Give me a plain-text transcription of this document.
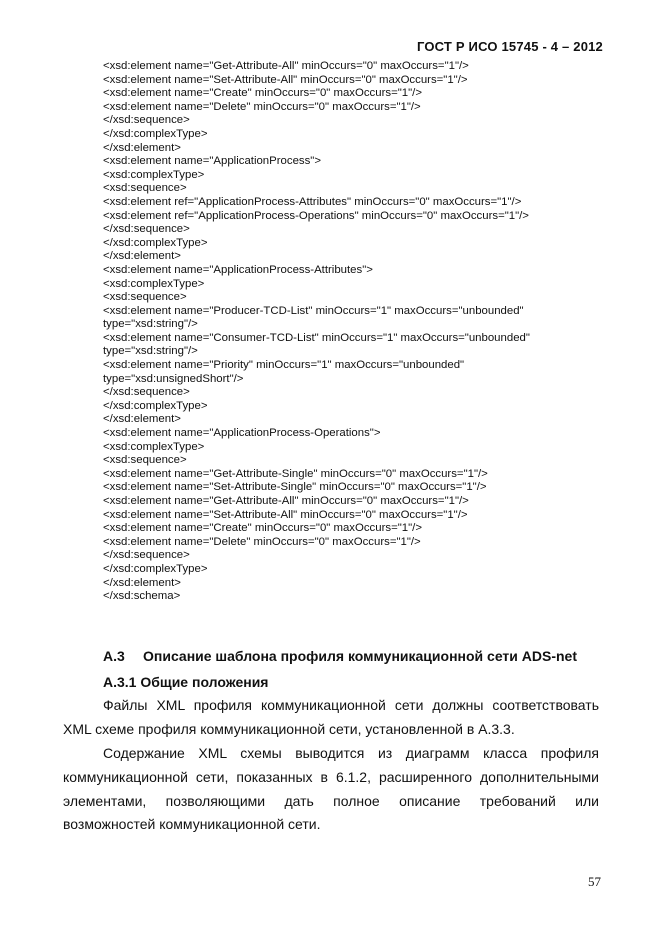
ГОСТ Р ИСО 15745 - 4 – 2012
<xsd:element name="Get-Attribute-All" minOccurs="0" maxOccurs="1"/>
<xsd:element name="Set-Attribute-All" minOccurs="0" maxOccurs="1"/>
<xsd:element name="Create" minOccurs="0" maxOccurs="1"/>
<xsd:element name="Delete" minOccurs="0" maxOccurs="1"/>
</xsd:sequence>
</xsd:complexType>
</xsd:element>
<xsd:element name="ApplicationProcess">
<xsd:complexType>
<xsd:sequence>
<xsd:element ref="ApplicationProcess-Attributes" minOccurs="0" maxOccurs="1"/>
<xsd:element ref="ApplicationProcess-Operations" minOccurs="0" maxOccurs="1"/>
</xsd:sequence>
</xsd:complexType>
</xsd:element>
<xsd:element name="ApplicationProcess-Attributes">
<xsd:complexType>
<xsd:sequence>
<xsd:element name="Producer-TCD-List" minOccurs="1" maxOccurs="unbounded"
type="xsd:string"/>
<xsd:element name="Consumer-TCD-List" minOccurs="1" maxOccurs="unbounded"
type="xsd:string"/>
<xsd:element name="Priority" minOccurs="1" maxOccurs="unbounded"
type="xsd:unsignedShort"/>
</xsd:sequence>
</xsd:complexType>
</xsd:element>
<xsd:element name="ApplicationProcess-Operations">
<xsd:complexType>
<xsd:sequence>
<xsd:element name="Get-Attribute-Single" minOccurs="0" maxOccurs="1"/>
<xsd:element name="Set-Attribute-Single" minOccurs="0" maxOccurs="1"/>
<xsd:element name="Get-Attribute-All" minOccurs="0" maxOccurs="1"/>
<xsd:element name="Set-Attribute-All" minOccurs="0" maxOccurs="1"/>
<xsd:element name="Create" minOccurs="0" maxOccurs="1"/>
<xsd:element name="Delete" minOccurs="0" maxOccurs="1"/>
</xsd:sequence>
</xsd:complexType>
</xsd:element>
</xsd:schema>
А.3 Описание шаблона профиля коммуникационной сети ADS-net
А.3.1 Общие положения
Файлы XML профиля коммуникационной сети должны соответствовать XML схеме профиля коммуникационной сети, установленной в А.3.3.
Содержание XML схемы выводится из диаграмм класса профиля коммуникационной сети, показанных в 6.1.2, расширенного дополнительными элементами, позволяющими дать полное описание требований или возможностей коммуникационной сети.
57
